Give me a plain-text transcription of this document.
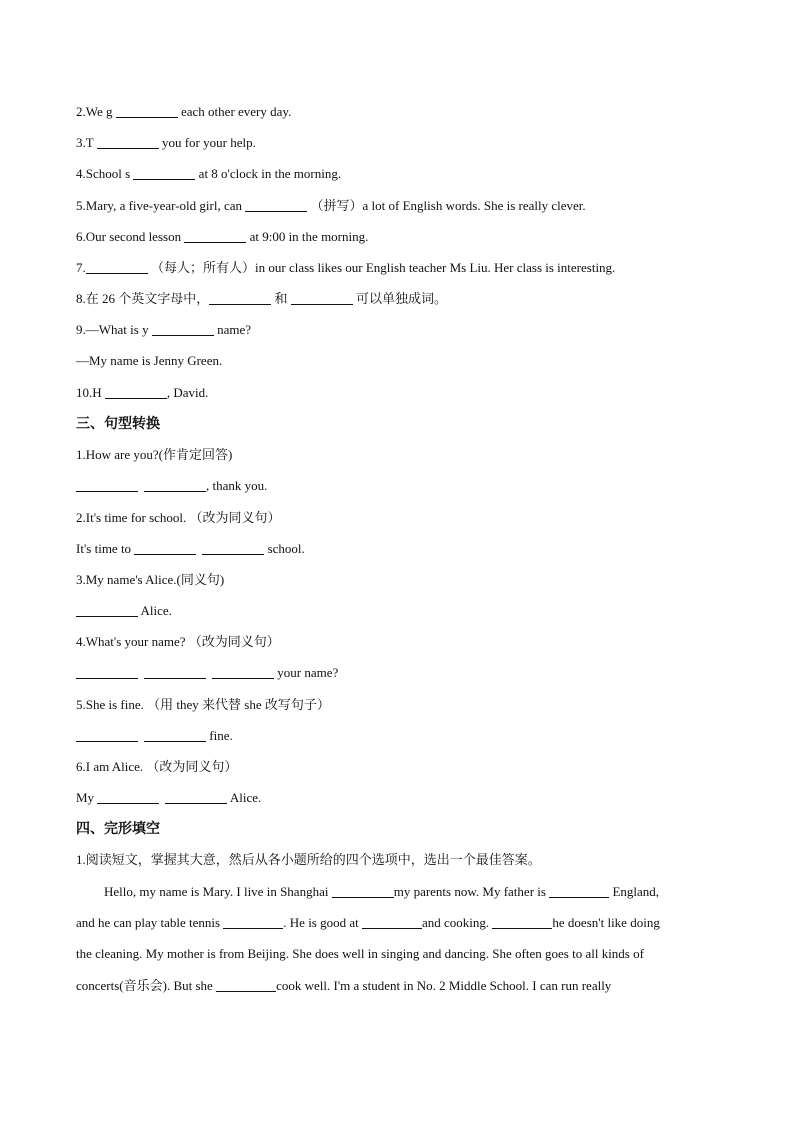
2.We g	each other every day.
3.T	you for your help.
4.School s	at 8 o'clock in the morning.
5.Mary, a five-year-old girl, can	（拼写）a lot of English words. She is really clever.
6.Our second lesson	at 9:00 in the morning.
7.	（每人；所有人）in our class likes our English teacher Ms Liu. Her class is interesting.
8.在 26 个英文字母中，	和	可以单独成词。
9.—What is y	name?
—My name is Jenny Green.
10.H	, David.
三、句型转换
1.How are you?(作肯定回答)
, thank you.
2.It's time for school. （改为同义句）
It's time to	school.
3.My name's Alice.(同义句)
Alice.
4.What's your name? （改为同义句）
your name?
5.She is fine. （用 they 来代替 she 改写句子）
fine.
6.I am Alice. （改为同义句）
My	Alice.
四、完形填空
1.阅读短文，掌握其大意，然后从各小题所给的四个选项中，选出一个最佳答案。
Hello, my name is Mary. I live in Shanghai	my parents now. My father is	England,
and he can play table tennis	. He is good at	and cooking.	he doesn't like doing
the cleaning. My mother is from Beijing. She does well in singing and dancing. She often goes to all kinds of
concerts(音乐会). But she	cook well. I'm a student in No. 2 Middle School. I can run really
